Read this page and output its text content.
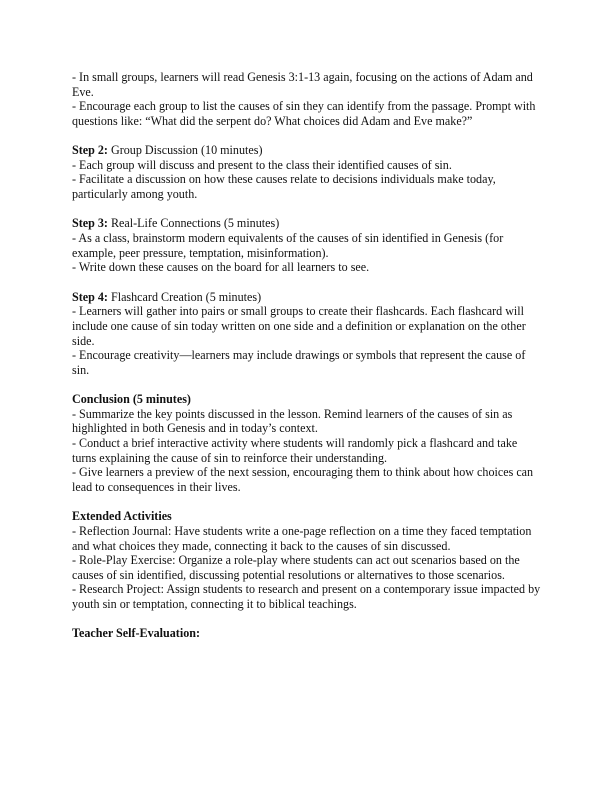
- In small groups, learners will read Genesis 3:1-13 again, focusing on the actions of Adam and
Eve.
- Encourage each group to list the causes of sin they can identify from the passage. Prompt with
questions like: “What did the serpent do? What choices did Adam and Eve make?”
Step 2: Group Discussion (10 minutes)
- Each group will discuss and present to the class their identified causes of sin.
- Facilitate a discussion on how these causes relate to decisions individuals make today,
particularly among youth.
Step 3: Real-Life Connections (5 minutes)
- As a class, brainstorm modern equivalents of the causes of sin identified in Genesis (for
example, peer pressure, temptation, misinformation).
- Write down these causes on the board for all learners to see.
Step 4: Flashcard Creation (5 minutes)
- Learners will gather into pairs or small groups to create their flashcards. Each flashcard will
include one cause of sin today written on one side and a definition or explanation on the other
side.
- Encourage creativity—learners may include drawings or symbols that represent the cause of
sin.
Conclusion (5 minutes)
- Summarize the key points discussed in the lesson. Remind learners of the causes of sin as
highlighted in both Genesis and in today’s context.
- Conduct a brief interactive activity where students will randomly pick a flashcard and take
turns explaining the cause of sin to reinforce their understanding.
- Give learners a preview of the next session, encouraging them to think about how choices can
lead to consequences in their lives.
Extended Activities
- Reflection Journal: Have students write a one-page reflection on a time they faced temptation
and what choices they made, connecting it back to the causes of sin discussed.
- Role-Play Exercise: Organize a role-play where students can act out scenarios based on the
causes of sin identified, discussing potential resolutions or alternatives to those scenarios.
- Research Project: Assign students to research and present on a contemporary issue impacted by
youth sin or temptation, connecting it to biblical teachings.
Teacher Self-Evaluation:
